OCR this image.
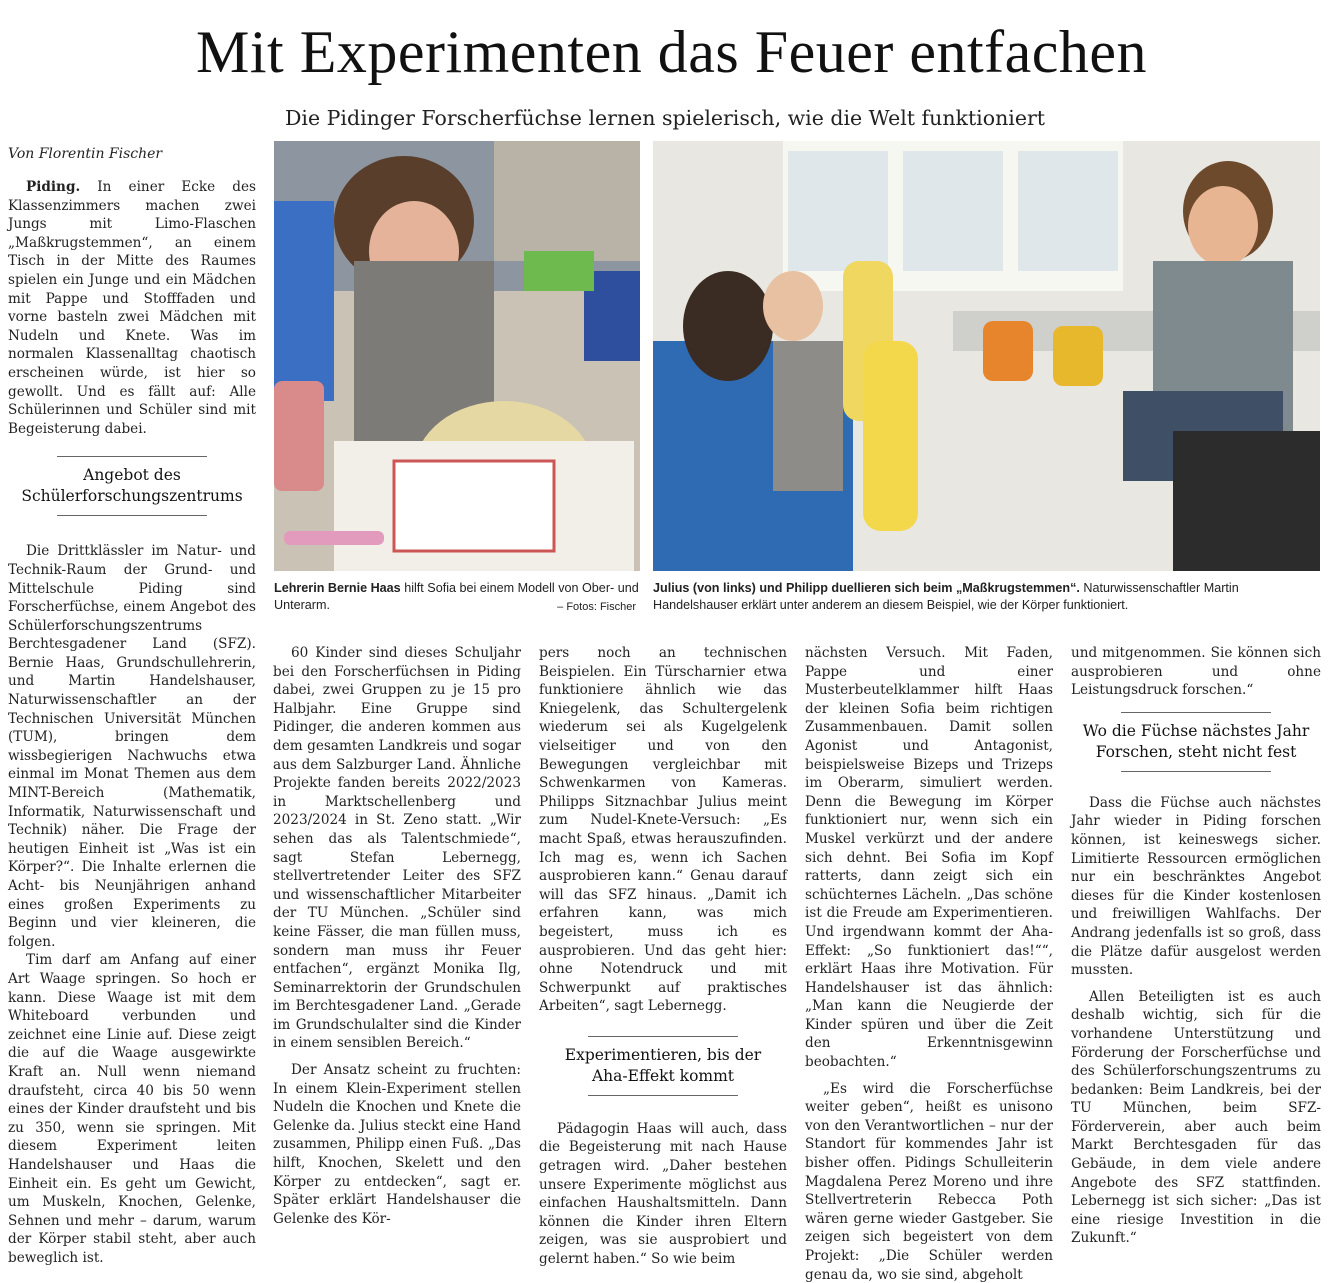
Mit Experimenten das Feuer entfachen
Die Pidinger Forscherfüchse lernen spielerisch, wie die Welt funktioniert
Von Florentin Fischer

Piding. In einer Ecke des Klassenzimmers machen zwei Jungs mit Limo-Flaschen „Maßkrugstemmen“, an einem Tisch in der Mitte des Raumes spielen ein Junge und ein Mädchen mit Pappe und Stofffaden und vorne basteln zwei Mädchen mit Nudeln und Knete. Was im normalen Klassenalltag chaotisch erscheinen würde, ist hier so gewollt. Und es fällt auf: Alle Schülerinnen und Schüler sind mit Begeisterung dabei.

Angebot des Schülerforschungszentrums

Die Drittklässler im Natur- und Technik-Raum der Grund- und Mittelschule Piding sind Forscherfüchse, einem Angebot des Schülerforschungszentrums Berchtesgadener Land (SFZ). Bernie Haas, Grundschullehrerin, und Martin Handelshauser, Naturwissenschaftler an der Technischen Universität München (TUM), bringen dem wissbegierigen Nachwuchs etwa einmal im Monat Themen aus dem MINT-Bereich (Mathematik, Informatik, Naturwissenschaft und Technik) näher. Die Frage der heutigen Einheit ist „Was ist ein Körper?“. Die Inhalte erlernen die Acht- bis Neunjährigen anhand eines großen Experiments zu Beginn und vier kleineren, die folgen.

Tim darf am Anfang auf einer Art Waage springen. So hoch er kann. Diese Waage ist mit dem Whiteboard verbunden und zeichnet eine Linie auf. Diese zeigt die auf die Waage ausgewirkte Kraft an. Null wenn niemand draufsteht, circa 40 bis 50 wenn eines der Kinder draufsteht und bis zu 350, wenn sie springen. Mit diesem Experiment leiten Handelshauser und Haas die Einheit ein. Es geht um Gewicht, um Muskeln, Knochen, Gelenke, Sehnen und mehr – darum, warum der Körper stabil steht, aber auch beweglich ist.

Lehrerin Bernie Haas hilft Sofia bei einem Modell von Ober- und Unterarm.	– Fotos: Fischer
Julius (von links) und Philipp duellieren sich beim „Maßkrugstemmen“. Naturwissenschaftler Martin Handelshauser erklärt unter anderem an diesem Beispiel, wie der Körper funktioniert.

60 Kinder sind dieses Schuljahr bei den Forscherfüchsen in Piding dabei, zwei Gruppen zu je 15 pro Halbjahr. Eine Gruppe sind Pidinger, die anderen kommen aus dem gesamten Landkreis und sogar aus dem Salzburger Land. Ähnliche Projekte fanden bereits 2022/2023 in Marktschellenberg und 2023/2024 in St. Zeno statt. „Wir sehen das als Talentschmiede“, sagt Stefan Lebernegg, stellvertretender Leiter des SFZ und wissenschaftlicher Mitarbeiter der TU München. „Schüler sind keine Fässer, die man füllen muss, sondern man muss ihr Feuer entfachen“, ergänzt Monika Ilg, Seminarrektorin der Grundschulen im Berchtesgadener Land. „Gerade im Grundschulalter sind die Kinder in einem sensiblen Bereich.“

Der Ansatz scheint zu fruchten: In einem Klein-Experiment stellen Nudeln die Knochen und Knete die Gelenke da. Julius steckt eine Hand zusammen, Philipp einen Fuß. „Das hilft, Knochen, Skelett und den Körper zu entdecken“, sagt er. Später erklärt Handelshauser die Gelenke des Kör-

pers noch an technischen Beispielen. Ein Türscharnier etwa funktioniere ähnlich wie das Kniegelenk, das Schultergelenk wiederum sei als Kugelgelenk vielseitiger und von den Bewegungen vergleichbar mit Schwenkarmen von Kameras. Philipps Sitznachbar Julius meint zum Nudel-Knete-Versuch: „Es macht Spaß, etwas herauszufinden. Ich mag es, wenn ich Sachen ausprobieren kann.“ Genau darauf will das SFZ hinaus. „Damit ich erfahren kann, was mich begeistert, muss ich es ausprobieren. Und das geht hier: ohne Notendruck und mit Schwerpunkt auf praktisches Arbeiten“, sagt Lebernegg.

Experimentieren, bis der Aha-Effekt kommt

Pädagogin Haas will auch, dass die Begeisterung mit nach Hause getragen wird. „Daher bestehen unsere Experimente möglichst aus einfachen Haushaltsmitteln. Dann können die Kinder ihren Eltern zeigen, was sie ausprobiert und gelernt haben.“ So wie beim

nächsten Versuch. Mit Faden, Pappe und einer Musterbeutelklammer hilft Haas der kleinen Sofia beim richtigen Zusammenbauen. Damit sollen Agonist und Antagonist, beispielsweise Bizeps und Trizeps im Oberarm, simuliert werden. Denn die Bewegung im Körper funktioniert nur, wenn sich ein Muskel verkürzt und der andere sich dehnt. Bei Sofia im Kopf ratterts, dann zeigt sich ein schüchternes Lächeln. „Das schöne ist die Freude am Experimentieren. Und irgendwann kommt der Aha-Effekt: „So funktioniert das!““, erklärt Haas ihre Motivation. Für Handelshauser ist das ähnlich: „Man kann die Neugierde der Kinder spüren und über die Zeit den Erkenntnisgewinn beobachten.“

„Es wird die Forscherfüchse weiter geben“, heißt es unisono von den Verantwortlichen – nur der Standort für kommendes Jahr ist bisher offen. Pidings Schulleiterin Magdalena Perez Moreno und ihre Stellvertreterin Rebecca Poth wären gerne wieder Gastgeber. Sie zeigen sich begeistert von dem Projekt: „Die Schüler werden genau da, wo sie sind, abgeholt

und mitgenommen. Sie können sich ausprobieren und ohne Leistungsdruck forschen.“

Wo die Füchse nächstes Jahr Forschen, steht nicht fest

Dass die Füchse auch nächstes Jahr wieder in Piding forschen können, ist keineswegs sicher. Limitierte Ressourcen ermöglichen nur ein beschränktes Angebot dieses für die Kinder kostenlosen und freiwilligen Wahlfachs. Der Andrang jedenfalls ist so groß, dass die Plätze dafür ausgelost werden mussten.

Allen Beteiligten ist es auch deshalb wichtig, sich für die vorhandene Unterstützung und Förderung der Forscherfüchse und des Schülerforschungszentrums zu bedanken: Beim Landkreis, bei der TU München, beim SFZ-Förderverein, aber auch beim Markt Berchtesgaden für das Gebäude, in dem viele andere Angebote des SFZ stattfinden. Lebernegg ist sich sicher: „Das ist eine riesige Investition in die Zukunft.“
